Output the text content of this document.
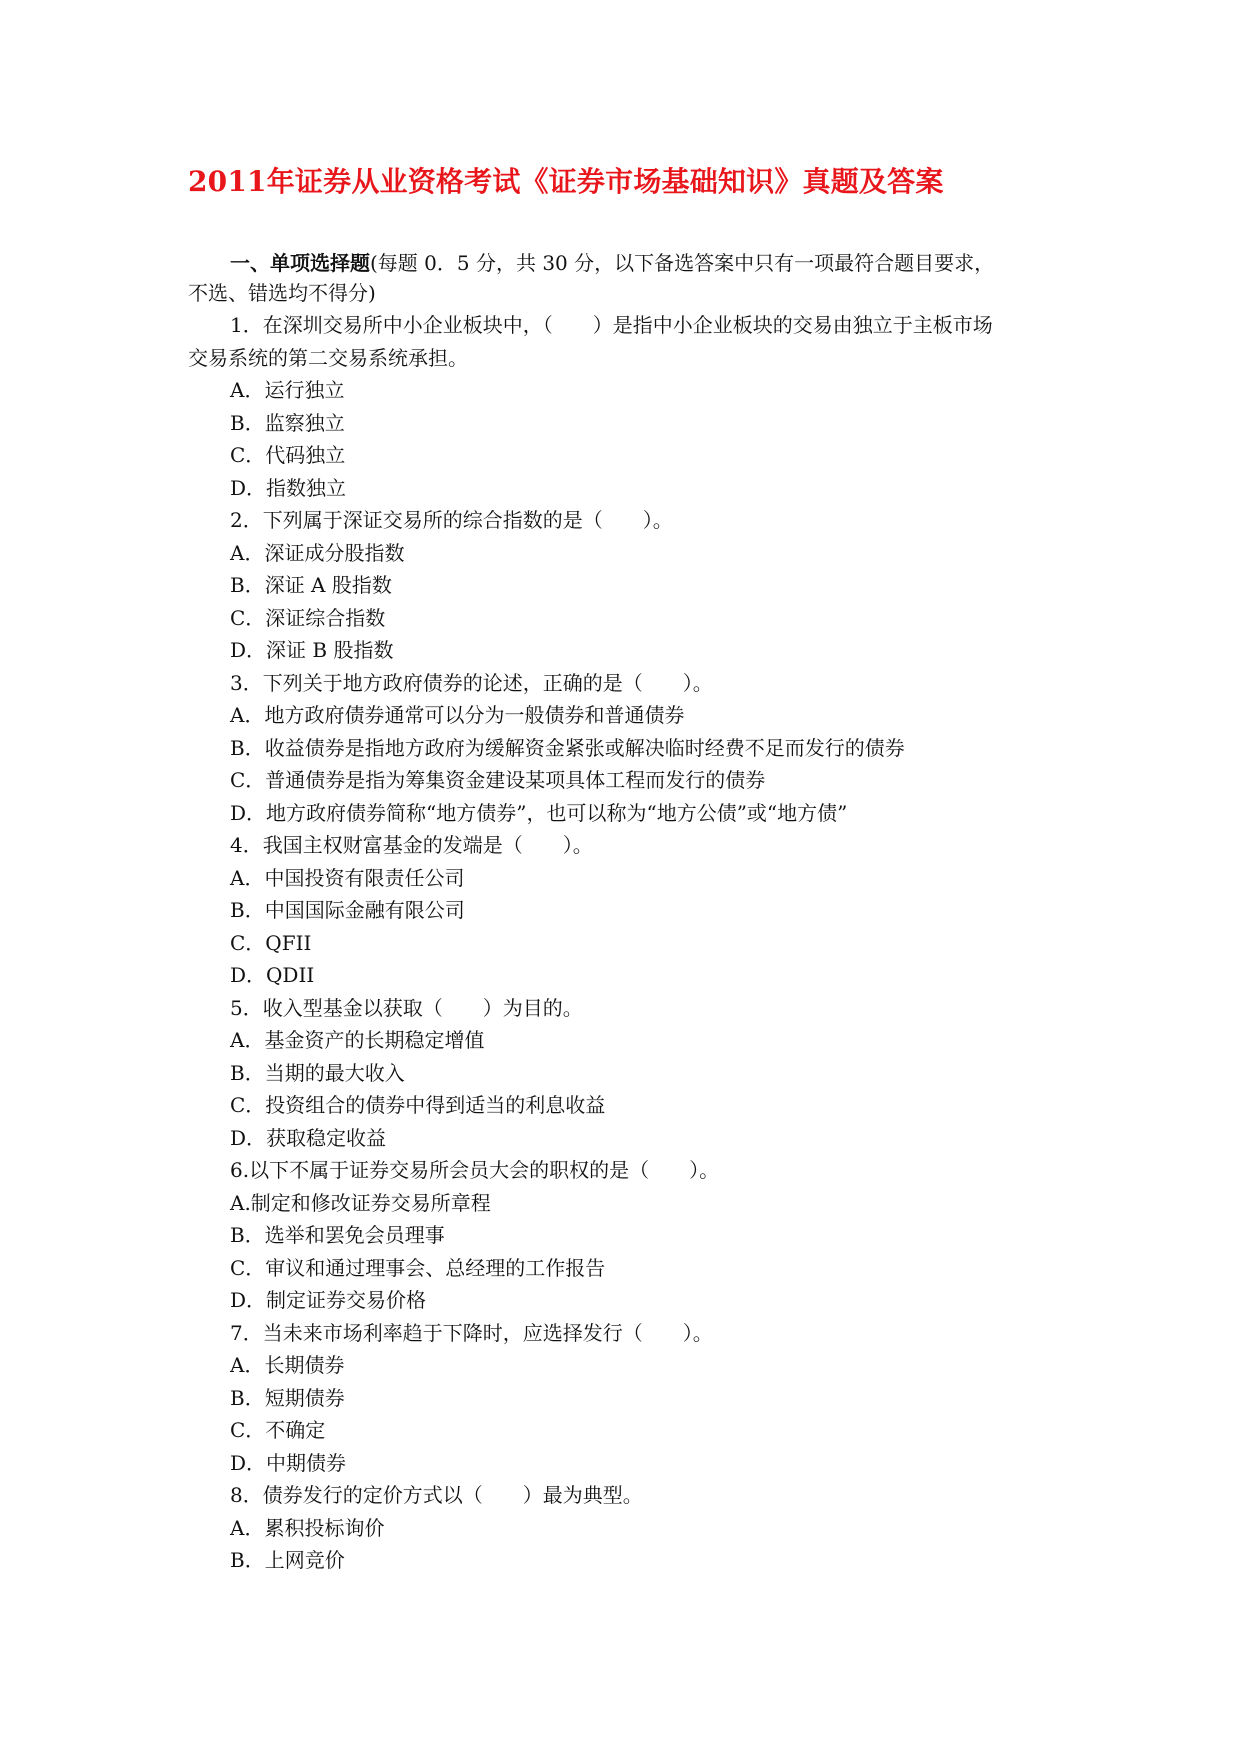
2011年证券从业资格考试《证券市场基础知识》真题及答案
一、单项选择题(每题 0．5 分，共 30 分，以下备选答案中只有一项最符合题目要求，
不选、错选均不得分)
1．在深圳交易所中小企业板块中，（　　）是指中小企业板块的交易由独立于主板市场
交易系统的第二交易系统承担。
A．运行独立
B．监察独立
C．代码独立
D．指数独立
2．下列属于深证交易所的综合指数的是（　　）。
A．深证成分股指数
B．深证 A 股指数
C．深证综合指数
D．深证 B 股指数
3．下列关于地方政府债券的论述，正确的是（　　）。
A．地方政府债券通常可以分为一般债券和普通债券
B．收益债券是指地方政府为缓解资金紧张或解决临时经费不足而发行的债券
C．普通债券是指为筹集资金建设某项具体工程而发行的债券
D．地方政府债券简称“地方债券”，也可以称为“地方公债”或“地方债”
4．我国主权财富基金的发端是（　　）。
A．中国投资有限责任公司
B．中国国际金融有限公司
C．QFII
D．QDII
5．收入型基金以获取（　　）为目的。
A．基金资产的长期稳定增值
B．当期的最大收入
C．投资组合的债券中得到适当的利息收益
D．获取稳定收益
6.以下不属于证券交易所会员大会的职权的是（　　）。
A.制定和修改证券交易所章程
B．选举和罢免会员理事
C．审议和通过理事会、总经理的工作报告
D．制定证券交易价格
7．当未来市场利率趋于下降时，应选择发行（　　）。
A．长期债券
B．短期债券
C．不确定
D．中期债券
8．债券发行的定价方式以（　　）最为典型。
A．累积投标询价
B．上网竞价
